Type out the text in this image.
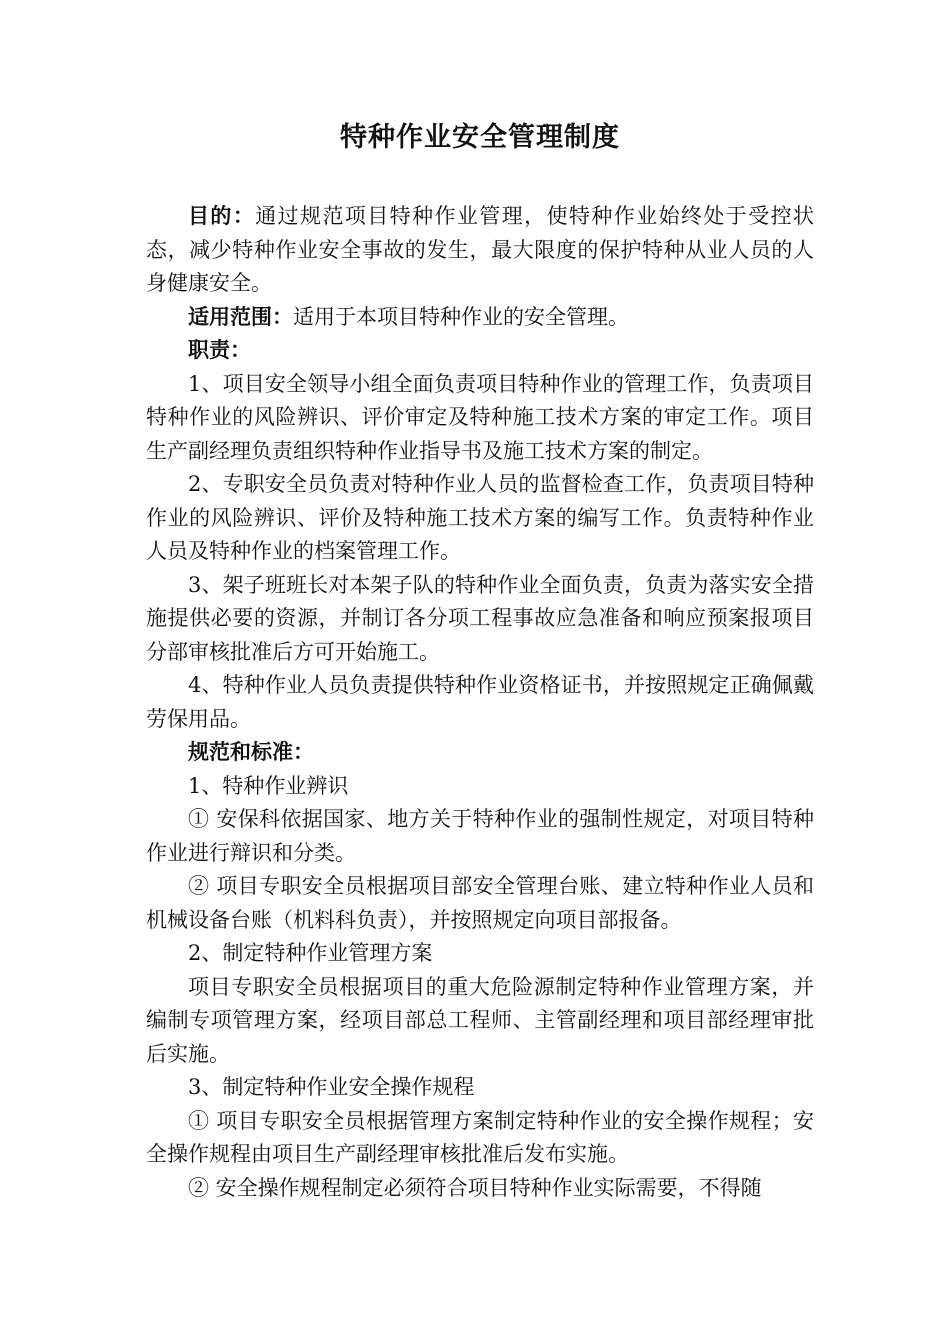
特种作业安全管理制度

目的：通过规范项目特种作业管理，使特种作业始终处于受控状态，减少特种作业安全事故的发生，最大限度的保护特种从业人员的人身健康安全。

适用范围：适用于本项目特种作业的安全管理。

职责：

1、项目安全领导小组全面负责项目特种作业的管理工作，负责项目特种作业的风险辨识、评价审定及特种施工技术方案的审定工作。项目生产副经理负责组织特种作业指导书及施工技术方案的制定。

2、专职安全员负责对特种作业人员的监督检查工作，负责项目特种作业的风险辨识、评价及特种施工技术方案的编写工作。负责特种作业人员及特种作业的档案管理工作。

3、架子班班长对本架子队的特种作业全面负责，负责为落实安全措施提供必要的资源，并制订各分项工程事故应急准备和响应预案报项目分部审核批准后方可开始施工。

4、特种作业人员负责提供特种作业资格证书，并按照规定正确佩戴劳保用品。

规范和标准：

1、特种作业辨识

① 安保科依据国家、地方关于特种作业的强制性规定，对项目特种作业进行辩识和分类。

② 项目专职安全员根据项目部安全管理台账、建立特种作业人员和机械设备台账（机料科负责），并按照规定向项目部报备。

2、制定特种作业管理方案

项目专职安全员根据项目的重大危险源制定特种作业管理方案，并编制专项管理方案，经项目部总工程师、主管副经理和项目部经理审批后实施。

3、制定特种作业安全操作规程

① 项目专职安全员根据管理方案制定特种作业的安全操作规程；安全操作规程由项目生产副经理审核批准后发布实施。

② 安全操作规程制定必须符合项目特种作业实际需要，不得随
